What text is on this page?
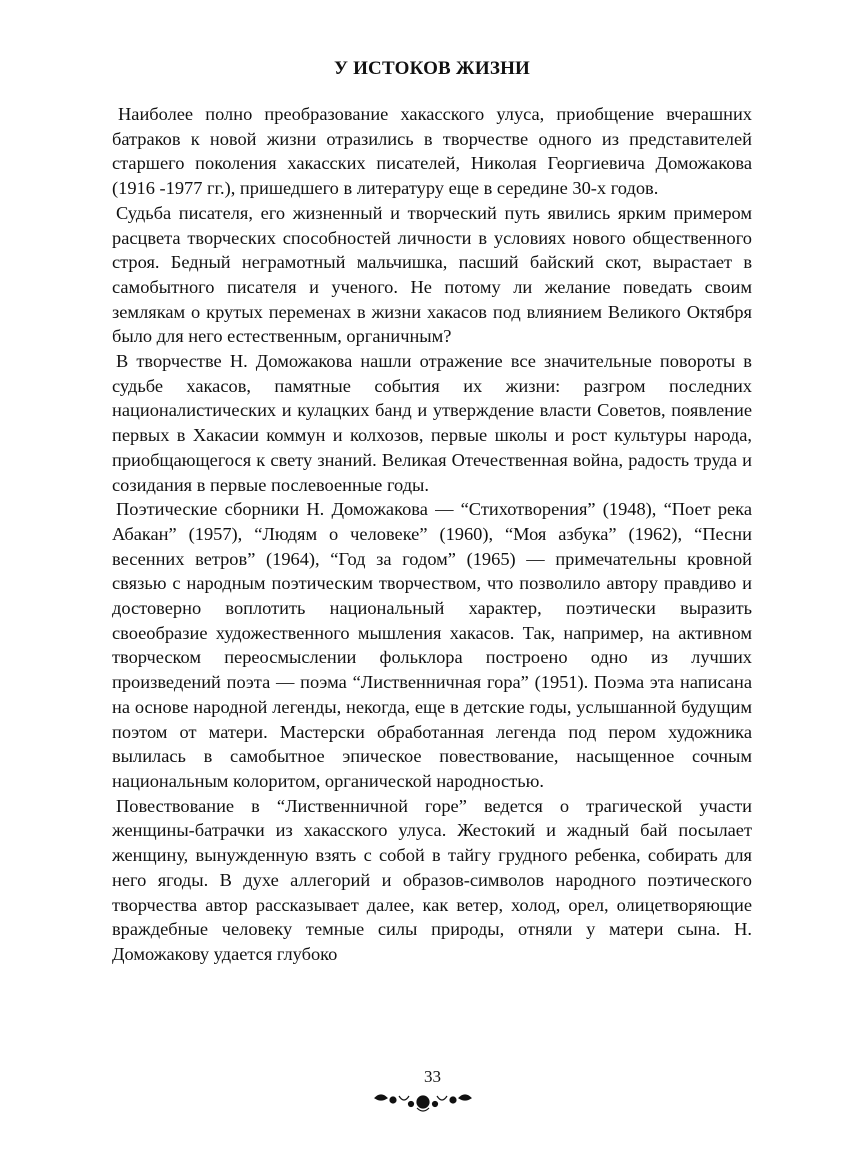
У ИСТОКОВ ЖИЗНИ

Наиболее полно преобразование хакасского улуса, приобщение вчерашних батраков к новой жизни отразились в творчестве одного из представителей старшего поколения хакасских писателей, Николая Георгиевича Доможакова (1916 -1977 гг.), пришедшего в литературу еще в середине 30-х годов.

Судьба писателя, его жизненный и творческий путь явились ярким примером расцвета творческих способностей личности в условиях нового общественного строя. Бедный неграмотный мальчишка, пасший байский скот, вырастает в самобытного писателя и ученого. Не потому ли желание поведать своим землякам о крутых переменах в жизни хакасов под влиянием Великого Октября было для него естественным, органичным?

В творчестве Н. Доможакова нашли отражение все значительные повороты в судьбе хакасов, памятные события их жизни: разгром последних националистических и кулацких банд и утверждение власти Советов, появление первых в Хакасии коммун и колхозов, первые школы и рост культуры народа, приобщающегося к свету знаний. Великая Отечественная война, радость труда и созидания в первые послевоенные годы.

Поэтические сборники Н. Доможакова — “Стихотворения” (1948), “Поет река Абакан” (1957), “Людям о человеке” (1960), “Моя азбука” (1962), “Песни весенних ветров” (1964), “Год за годом” (1965) — примечательны кровной связью с народным поэтическим творчеством, что позволило автору правдиво и достоверно воплотить национальный характер, поэтически выразить своеобразие художественного мышления хакасов. Так, например, на активном творческом переосмыслении фольклора построено одно из лучших произведений поэта — поэма “Лиственничная гора” (1951). Поэма эта написана на основе народной легенды, некогда, еще в детские годы, услышанной будущим поэтом от матери. Мастерски обработанная легенда под пером художника вылилась в самобытное эпическое повествование, насыщенное сочным национальным колоритом, органической народностью.

Повествование в “Лиственничной горе” ведется о трагической участи женщины-батрачки из хакасского улуса. Жестокий и жадный бай посылает женщину, вынужденную взять с собой в тайгу грудного ребенка, собирать для него ягоды. В духе аллегорий и образов-символов народного поэтического творчества автор рассказывает далее, как ветер, холод, орел, олицетворяющие враждебные человеку темные силы природы, отняли у матери сына. Н. Доможакову удается глубоко

33
